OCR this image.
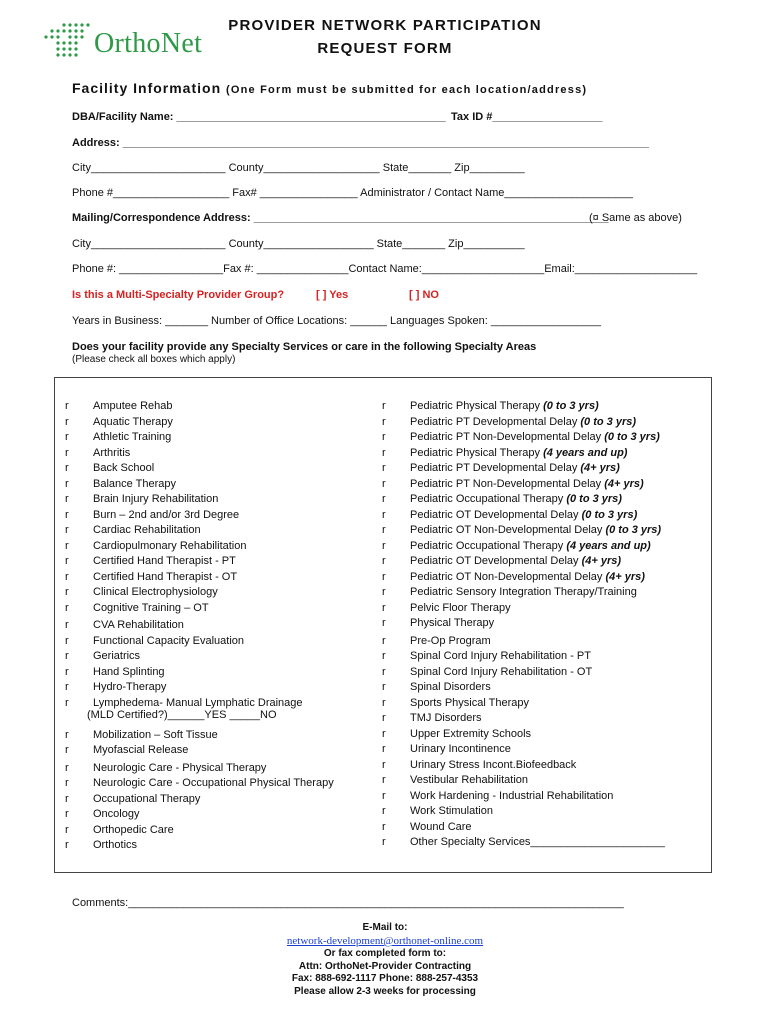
OrthoNet
PROVIDER NETWORK PARTICIPATION
REQUEST FORM
Facility Information (One Form must be submitted for each location/address)
DBA/Facility Name: ____________________________________________ Tax ID #__________________
Address: ______________________________________________________________________________________
City______________________ County___________________ State_______ Zip_________
Phone #___________________ Fax# ________________ Administrator / Contact Name_____________________
Mailing/Correspondence Address: __________________________________________________________
(¤ Same as above)
City______________________ County__________________ State_______ Zip__________
Phone #: _________________Fax #: _______________Contact Name:____________________Email:____________________
Is this a Multi-Specialty Provider Group?	[ ] Yes	[ ] NO
Years in Business: _______ Number of Office Locations: ______ Languages Spoken: __________________
Does your facility provide any Specialty Services or care in the following Specialty Areas
(Please check all boxes which apply)
r Amputee Rehab
r Aquatic Therapy
r Athletic Training
r Arthritis
r Back School
r Balance Therapy
r Brain Injury Rehabilitation
r Burn – 2nd and/or 3rd Degree
r Cardiac Rehabilitation
r Cardiopulmonary Rehabilitation
r Certified Hand Therapist - PT
r Certified Hand Therapist - OT
r Clinical Electrophysiology
r Cognitive Training – OT
r CVA Rehabilitation
r Functional Capacity Evaluation
r Geriatrics
r Hand Splinting
r Hydro-Therapy
r Lymphedema- Manual Lymphatic Drainage
(MLD Certified?)______YES _____NO
r Mobilization – Soft Tissue
r Myofascial Release
r Neurologic Care - Physical Therapy
r Neurologic Care - Occupational Physical Therapy
r Occupational Therapy
r Oncology
r Orthopedic Care
r Orthotics
r Pediatric Physical Therapy (0 to 3 yrs)
r Pediatric PT Developmental Delay (0 to 3 yrs)
r Pediatric PT Non-Developmental Delay (0 to 3 yrs)
r Pediatric Physical Therapy (4 years and up)
r Pediatric PT Developmental Delay (4+ yrs)
r Pediatric PT Non-Developmental Delay (4+ yrs)
r Pediatric Occupational Therapy (0 to 3 yrs)
r Pediatric OT Developmental Delay (0 to 3 yrs)
r Pediatric OT Non-Developmental Delay (0 to 3 yrs)
r Pediatric Occupational Therapy (4 years and up)
r Pediatric OT Developmental Delay (4+ yrs)
r Pediatric OT Non-Developmental Delay (4+ yrs)
r Pediatric Sensory Integration Therapy/Training
r Pelvic Floor Therapy
r Physical Therapy
r Pre-Op Program
r Spinal Cord Injury Rehabilitation - PT
r Spinal Cord Injury Rehabilitation - OT
r Spinal Disorders
r Sports Physical Therapy
r TMJ Disorders
r Upper Extremity Schools
r Urinary Incontinence
r Urinary Stress Incont.Biofeedback
r Vestibular Rehabilitation
r Work Hardening - Industrial Rehabilitation
r Work Stimulation
r Wound Care
r Other Specialty Services______________________
Comments:_________________________________________________________________________________
E-Mail to:
network-development@orthonet-online.com
Or fax completed form to:
Attn: OrthoNet-Provider Contracting
Fax: 888-692-1117 Phone: 888-257-4353
Please allow 2-3 weeks for processing
